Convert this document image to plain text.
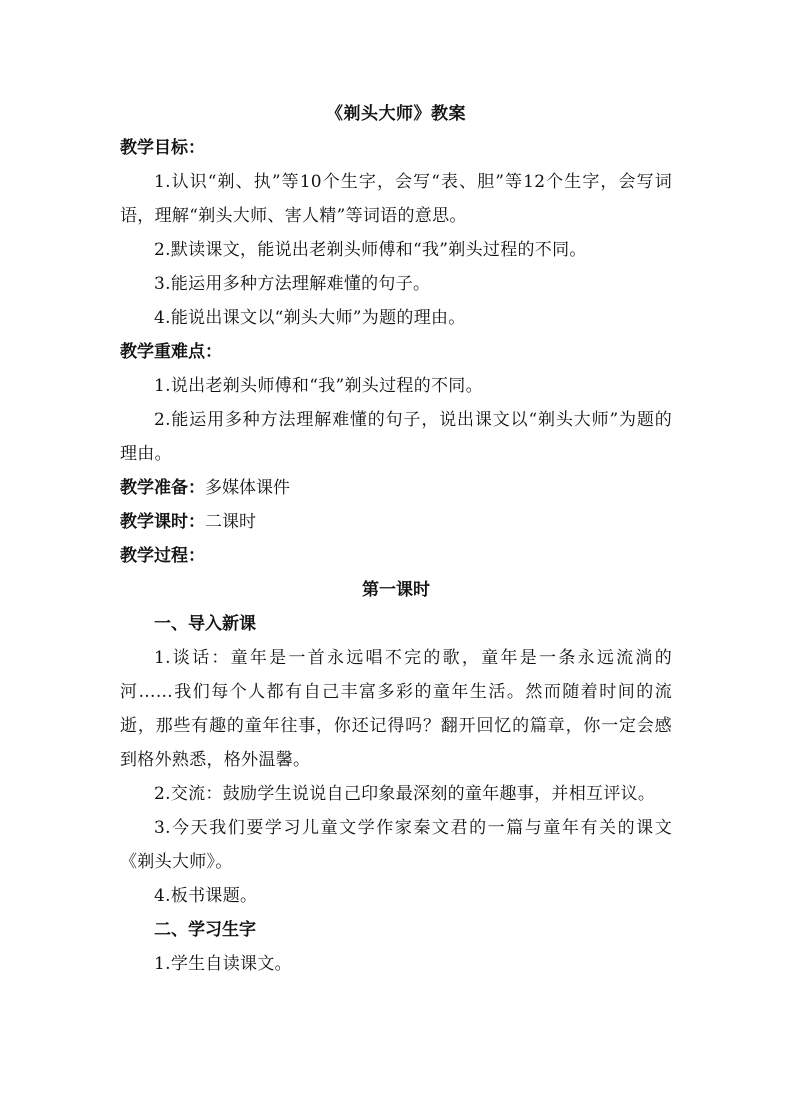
《剃头大师》教案
教学目标：
1.认识“剃、执”等10个生字，会写“表、胆”等12个生字，会写词语，理解“剃头大师、害人精”等词语的意思。
2.默读课文，能说出老剃头师傅和“我”剃头过程的不同。
3.能运用多种方法理解难懂的句子。
4.能说出课文以“剃头大师”为题的理由。
教学重难点：
1.说出老剃头师傅和“我”剃头过程的不同。
2.能运用多种方法理解难懂的句子，说出课文以“剃头大师”为题的理由。
教学准备：多媒体课件
教学课时：二课时
教学过程：
第一课时
一、导入新课
1.谈话：童年是一首永远唱不完的歌，童年是一条永远流淌的河……我们每个人都有自己丰富多彩的童年生活。然而随着时间的流逝，那些有趣的童年往事，你还记得吗？翻开回忆的篇章，你一定会感到格外熟悉，格外温馨。
2.交流：鼓励学生说说自己印象最深刻的童年趣事，并相互评议。
3.今天我们要学习儿童文学作家秦文君的一篇与童年有关的课文《剃头大师》。
4.板书课题。
二、学习生字
1.学生自读课文。
